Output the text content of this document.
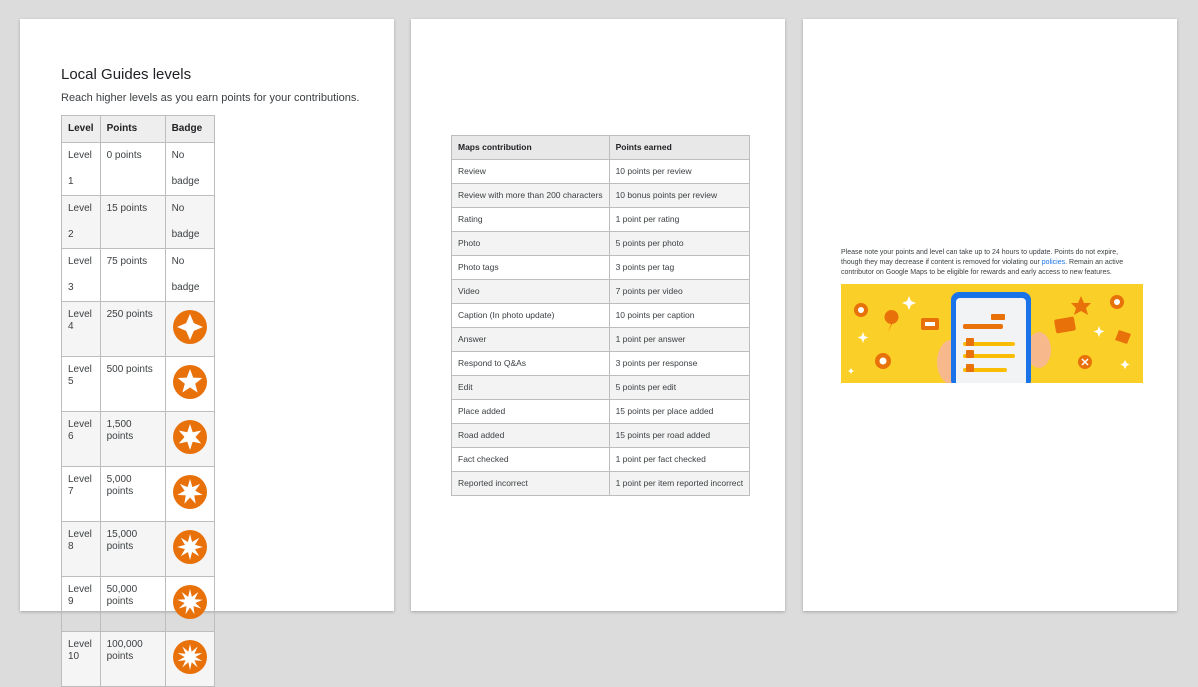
Local Guides levels

Reach higher levels as you earn points for your contributions.

Level	Points	Badge
Level 1	0 points	No badge
Level 2	15 points	No badge
Level 3	75 points	No badge
Level 4	250 points	

Level 5	500 points	

Level 6	1,500 points	

Level 7	5,000 points	

Level 8	15,000 points	

Level 9	50,000 points	

Level 10	100,000 points	
Maps contribution	Points earned
Review	10 points per review
Review with more than 200 characters	10 bonus points per review
Rating	1 point per rating
Photo	5 points per photo
Photo tags	3 points per tag
Video	7 points per video
Caption (In photo update)	10 points per caption
Answer	1 point per answer
Respond to Q&As	3 points per response
Edit	5 points per edit
Place added	15 points per place added
Road added	15 points per road added
Fact checked	1 point per fact checked
Reported incorrect	1 point per item reported incorrect

Please note your points and level can take up to 24 hours to update. Points do not expire, though they may decrease if content is removed for violating our policies. Remain an active contributor on Google Maps to be eligible for rewards and early access to new features.
